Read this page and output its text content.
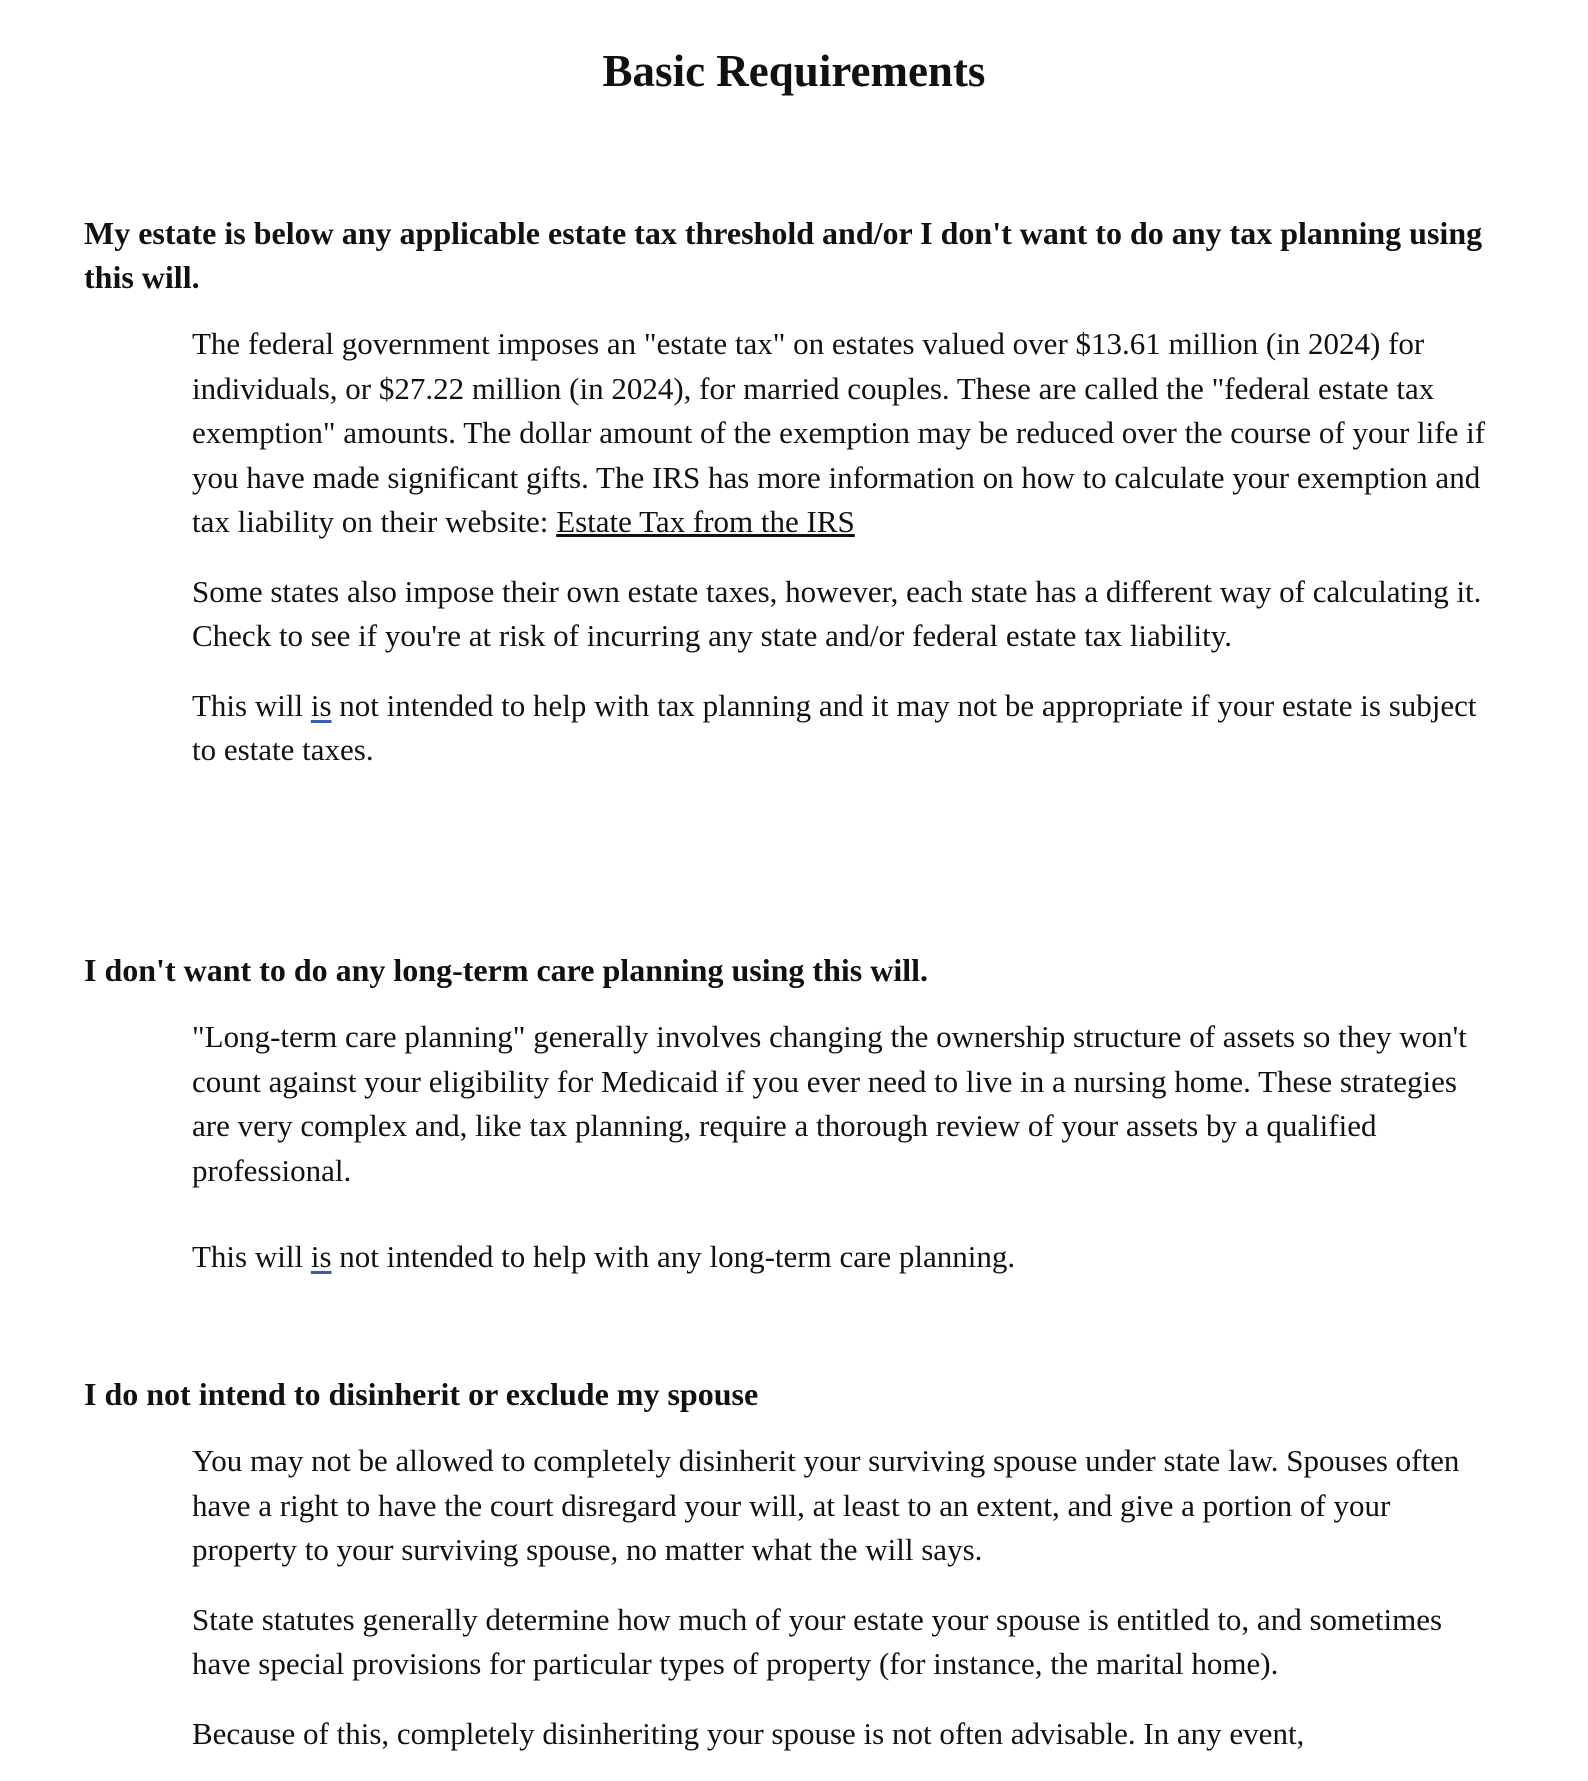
Basic Requirements

My estate is below any applicable estate tax threshold and/or I don't want to do any tax planning using this will.

The federal government imposes an "estate tax" on estates valued over $13.61 million (in 2024) for individuals, or $27.22 million (in 2024), for married couples. These are called the "federal estate tax exemption" amounts. The dollar amount of the exemption may be reduced over the course of your life if you have made significant gifts. The IRS has more information on how to calculate your exemption and tax liability on their website: Estate Tax from the IRS

Some states also impose their own estate taxes, however, each state has a different way of calculating it. Check to see if you're at risk of incurring any state and/or federal estate tax liability.

This will is not intended to help with tax planning and it may not be appropriate if your estate is subject to estate taxes.

I don't want to do any long-term care planning using this will.

"Long-term care planning" generally involves changing the ownership structure of assets so they won't count against your eligibility for Medicaid if you ever need to live in a nursing home. These strategies are very complex and, like tax planning, require a thorough review of your assets by a qualified professional.

This will is not intended to help with any long-term care planning.

I do not intend to disinherit or exclude my spouse

You may not be allowed to completely disinherit your surviving spouse under state law. Spouses often have a right to have the court disregard your will, at least to an extent, and give a portion of your property to your surviving spouse, no matter what the will says.

State statutes generally determine how much of your estate your spouse is entitled to, and sometimes have special provisions for particular types of property (for instance, the marital home).

Because of this, completely disinheriting your spouse is not often advisable. In any event,
